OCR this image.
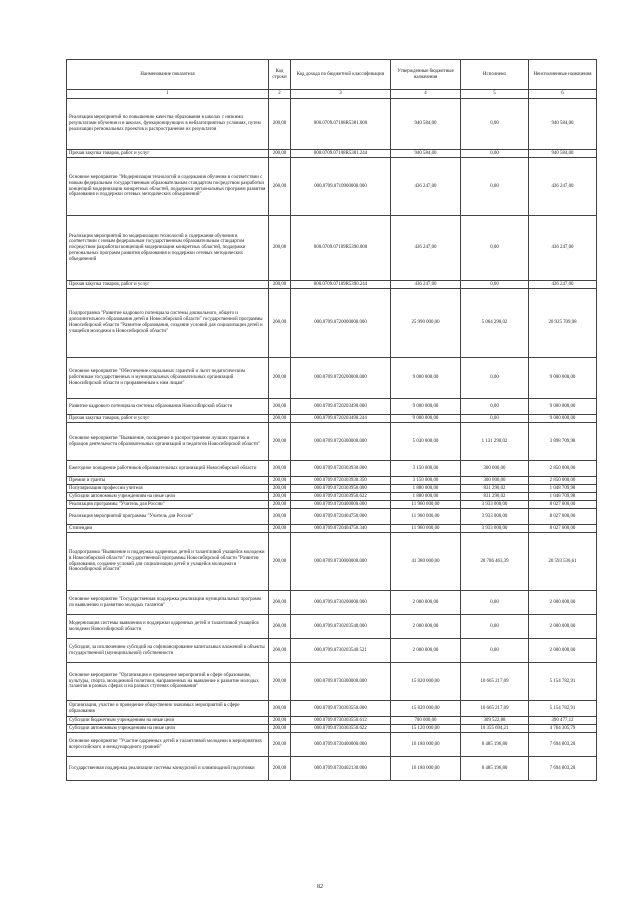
Наименование показателя	Код строки	Код дохода по бюджетной классификации	Утвержденные бюджетные назначения	Исполнено	Неисполненные назначения
1	2	3	4	5	6
Реализация мероприятий по повышению качества образования в школах с низкими результатами обучения и в школах, функционирующих в неблагоприятных условиях, путем реализации региональных проектов и распространения их результатов	200,00	000.0709.07108R5381.000	940 584,00	0,00	940 584,00
Прочая закупка товаров, работ и услуг	200,00	000.0709.07108R5381.244	940 584,00	0,00	940 584,00
Основное мероприятие "Модернизация технологий и содержания обучения в соответствии с новым федеральным государственным образовательным стандартом посредством разработки концепций модернизации конкретных областей, поддержки региональных программ развития образования и поддержки сетевых методических объединений"	200,00	000.0709.0710900000.000	436 247,00	0,00	436 247,00
Реализация мероприятий по модернизации технологий и содержания обучения в соответствии с новым федеральным государственным образовательным стандартом посредством разработки концепций модернизации конкретных областей, поддержки региональных программ развития образования и поддержки сетевых методических объединений	200,00	000.0709.07109R5390.000	436 247,00	0,00	436 247,00
Прочая закупка товаров, работ и услуг	200,00	000.0709.07109R5390.244	436 247,00	0,00	436 247,00
Подпрограмма "Развитие кадрового потенциала системы дошкольного, общего и дополнительного образования детей в Новосибирской области" государственной программы Новосибирской области "Развитие образования, создание условий для социализации детей и учащейся молодежи в Новосибирской области"	200,00	000.0709.0720000000.000	25 990 000,00	5 064 290,02	20 925 709,98
Основное мероприятие "Обеспечение социальных гарантий и льгот педагогическим работникам государственных и муниципальных образовательных организаций Новосибирской области и приравненным к ним лицам"	200,00	000.0709.0720200000.000	9 000 000,00	0,00	9 000 000,00
Развитие кадрового потенциала системы образования Новосибирской области	200,00	000.0709.0720203490.000	9 000 000,00	0,00	9 000 000,00
Прочая закупка товаров, работ и услуг	200,00	000.0709.0720203490.244	9 000 000,00	0,00	9 000 000,00
Основное мероприятие "Выявление, поощрение и распространение лучших практик и образцов деятельности образовательных организаций и педагогов Новосибирской области"	200,00	000.0709.0720300000.000	5 030 000,00	1 131 290,02	3 898 709,98
Ежегодное поощрение работников образовательных организаций Новосибирской области	200,00	000.0709.0720303930.000	3 150 000,00	300 000,00	2 850 000,00
Премии и гранты	200,00	000.0709.0720303930.350	3 150 000,00	300 000,00	2 850 000,00
Популяризация профессии учителя	200,00	000.0709.0720303950.000	1 880 000,00	831 290,02	1 048 709,98
Субсидии автономным учреждениям на иные цели	200,00	000.0709.0720303950.622	1 880 000,00	831 290,02	1 048 709,98
Реализация программы "Учитель для России"	200,00	000.0709.0720400000.000	11 960 000,00	3 933 000,00	8 027 000,00
Реализация мероприятий программы "Учитель для России"	200,00	000.0709.0720404750.000	11 960 000,00	3 933 000,00	8 027 000,00
Стипендии	200,00	000.0709.0720404750.340	11 960 000,00	3 933 000,00	8 027 000,00
Подпрограмма "Выявление и поддержка одаренных детей и талантливой учащейся молодежи в Новосибирской области" государственной программы Новосибирской области "Развитие образования, создание условий для социализации детей и учащейся молодежи в Новосибирской области"	200,00	000.0709.0730000000.000	41 380 000,00	20 786 463,39	20 593 536,61
Основное мероприятие "Государственная поддержка реализации муниципальных программ по выявлению и развитию молодых талантов"	200,00	000.0709.0730200000.000	2 000 000,00	0,00	2 000 000,00
Модернизация системы выявления и поддержки одаренных детей и талантливой учащейся молодежи Новосибирской области	200,00	000.0709.0730203540.000	2 000 000,00	0,00	2 000 000,00
Субсидии, за исключением субсидий на софинансирование капитальных вложений в объекты государственной (муниципальной) собственности	200,00	000.0709.0730203540.521	2 000 000,00	0,00	2 000 000,00
Основное мероприятие "Организация и проведение мероприятий в сфере образования, культуры, спорта, молодежной политики, направленных на выявление и развитие молодых талантов в разных сферах и на разных ступенях образования"	200,00	000.0709.0730300000.000	15 820 000,00	10 665 217,09	5 154 782,91
Организация, участие и проведение общественно значимых мероприятий в сфере образования	200,00	000.0709.0730303550.000	15 820 000,00	10 665 217,09	5 154 782,91
Субсидии бюджетным учреждениям на иные цели	200,00	000.0709.0730303550.612	700 000,00	309 522,88	390 477,12
Субсидии автономным учреждениям на иные цели	200,00	000.0709.0730303550.622	15 120 000,00	10 355 694,21	4 764 305,79
Основное мероприятие "Участие одаренных детей и талантливой молодежи в мероприятиях всероссийского и международного уровней"	200,00	000.0709.0730400000.000	16 180 000,00	8 485 196,80	7 694 803,20
Государственная поддержка реализации системы конкурсной и олимпиадной подготовки	200,00	000.0709.0730402130.000	16 180 000,00	8 485 196,80	7 694 803,20
82
